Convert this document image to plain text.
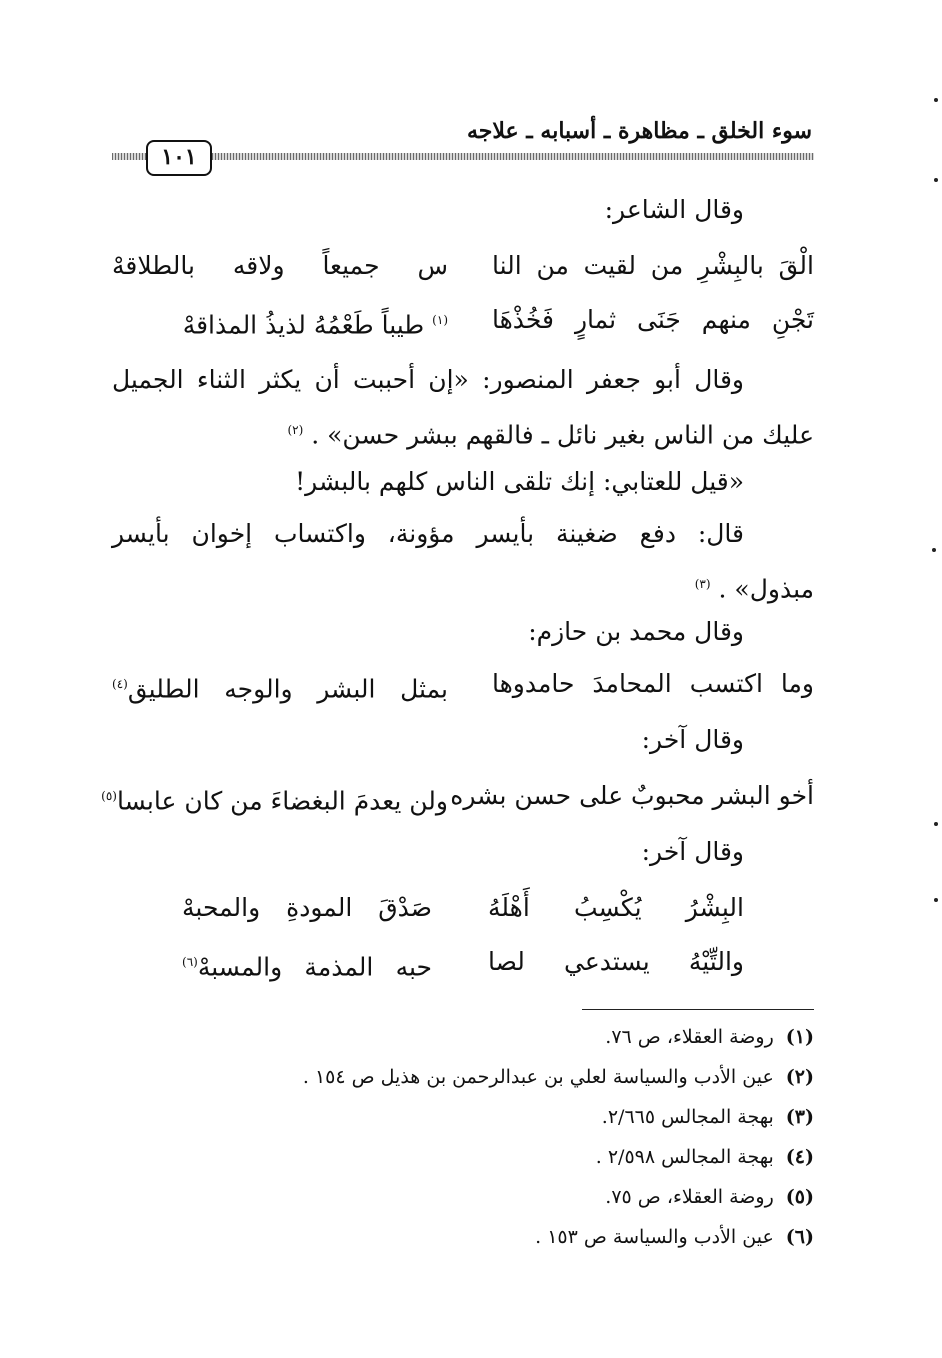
سوء الخلق ـ مظاهرة ـ أسبابه ـ علاجه
١٠١
وقال الشاعر:
الْقَ بالبِشْرِ من لقيت من النا
س جميعاً ولاقه بالطلاقهْ
تَجْنِ منهم جَنَى ثمارٍ فَخُذْهَا
$^{(١)}$ طيباً طَعْمُهُ لذيذُ المذاقهْ
وقال أبو جعفر المنصور: «إن أحببت أن يكثر الثناء الجميل
عليك من الناس بغير نائل ـ فالقهم ببشر حسن» . $^{(٢)}$
«قيل للعتابي: إنك تلقى الناس كلهم بالبشر!
قال: دفع ضغينة بأيسر مؤونة، واكتساب إخوان بأيسر
مبذول» . $^{(٣)}$
وقال محمد بن حازم:
وما اكتسب المحامدَ حامدوها
بمثل البشر والوجه الطليق$^{(٤)}$
وقال آخر:
أخو البشر محبوبٌ على حسن بشره
ولن يعدمَ البغضاءَ من كان عابسا$^{(٥)}$
وقال آخر:
البِشْرُ يُكْسِبُ أَهْلَهُ
صَدْقَ المودةِ والمحبهْ
والتِّيْهُ يستدعي لصا
حبه المذمة والمسبهْ$^{(٦)}$
(١)روضة العقلاء، ص ٧٦.
(٢)عين الأدب والسياسة لعلي بن عبدالرحمن بن هذيل ص ١٥٤ .
(٣)بهجة المجالس ٢/٦٦٥.
(٤)بهجة المجالس ٢/٥٩٨ .
(٥)روضة العقلاء، ص ٧٥.
(٦)عين الأدب والسياسة ص ١٥٣ .
